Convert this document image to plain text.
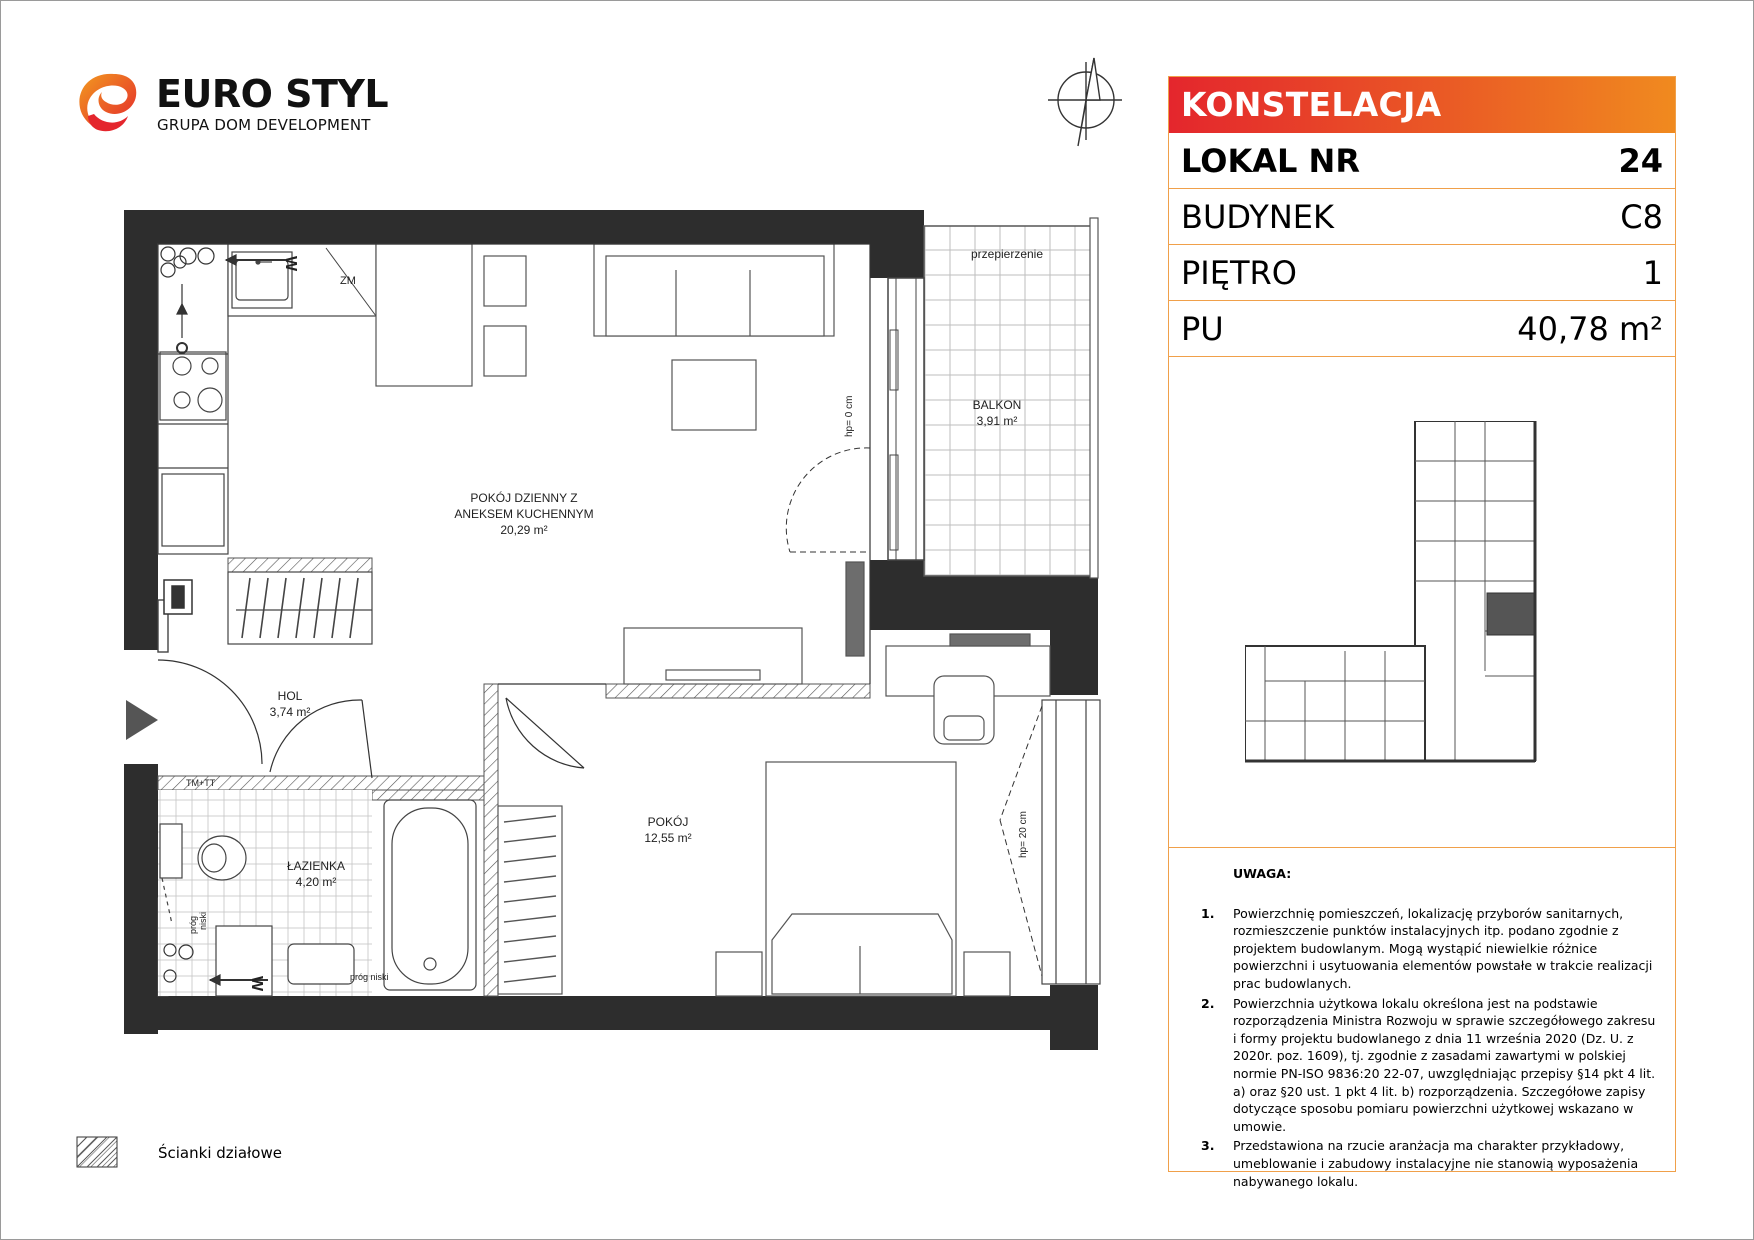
EURO STYL
GRUPA DOM DEVELOPMENT
przepierzenie
BALKON
3,91 m²
hp= 0 cm
W
ZM
POKÓJ DZIENNY Z
ANEKSEM KUCHENNYM
20,29 m²
HOL
3,74 m²
W
TM+TT
próg niski
próg niski
ŁAZIENKA
4,20 m²
POKÓJ
12,55 m²	hp= 20 cm
KONSTELACJA
LOKAL NR	24
BUDYNEK	C8
PIĘTRO	1
PU	40,78 m²
UWAGA:
1. Powierzchnię pomieszczeń, lokalizację przyborów sanitarnych, rozmieszczenie punktów instalacyjnych itp. podano zgodnie z projektem budowlanym. Mogą wystąpić niewielkie różnice powierzchni i usytuowania elementów powstałe w trakcie realizacji prac budowlanych.
2. Powierzchnia użytkowa lokalu określona jest na podstawie rozporządzenia Ministra Rozwoju w sprawie szczegółowego zakresu i formy projektu budowlanego z dnia 11 września 2020 (Dz. U. z 2020r. poz. 1609), tj. zgodnie z zasadami zawartymi w polskiej normie PN-ISO 9836:20 22-07, uwzględniając przepisy §14 pkt 4 lit. a) oraz §20 ust. 1 pkt 4 lit. b) rozporządzenia. Szczegółowe zapisy dotyczące sposobu pomiaru powierzchni użytkowej wskazano w umowie.
3. Przedstawiona na rzucie aranżacja ma charakter przykładowy, umeblowanie i zabudowy instalacyjne nie stanowią wyposażenia nabywanego lokalu.
Ścianki działowe
